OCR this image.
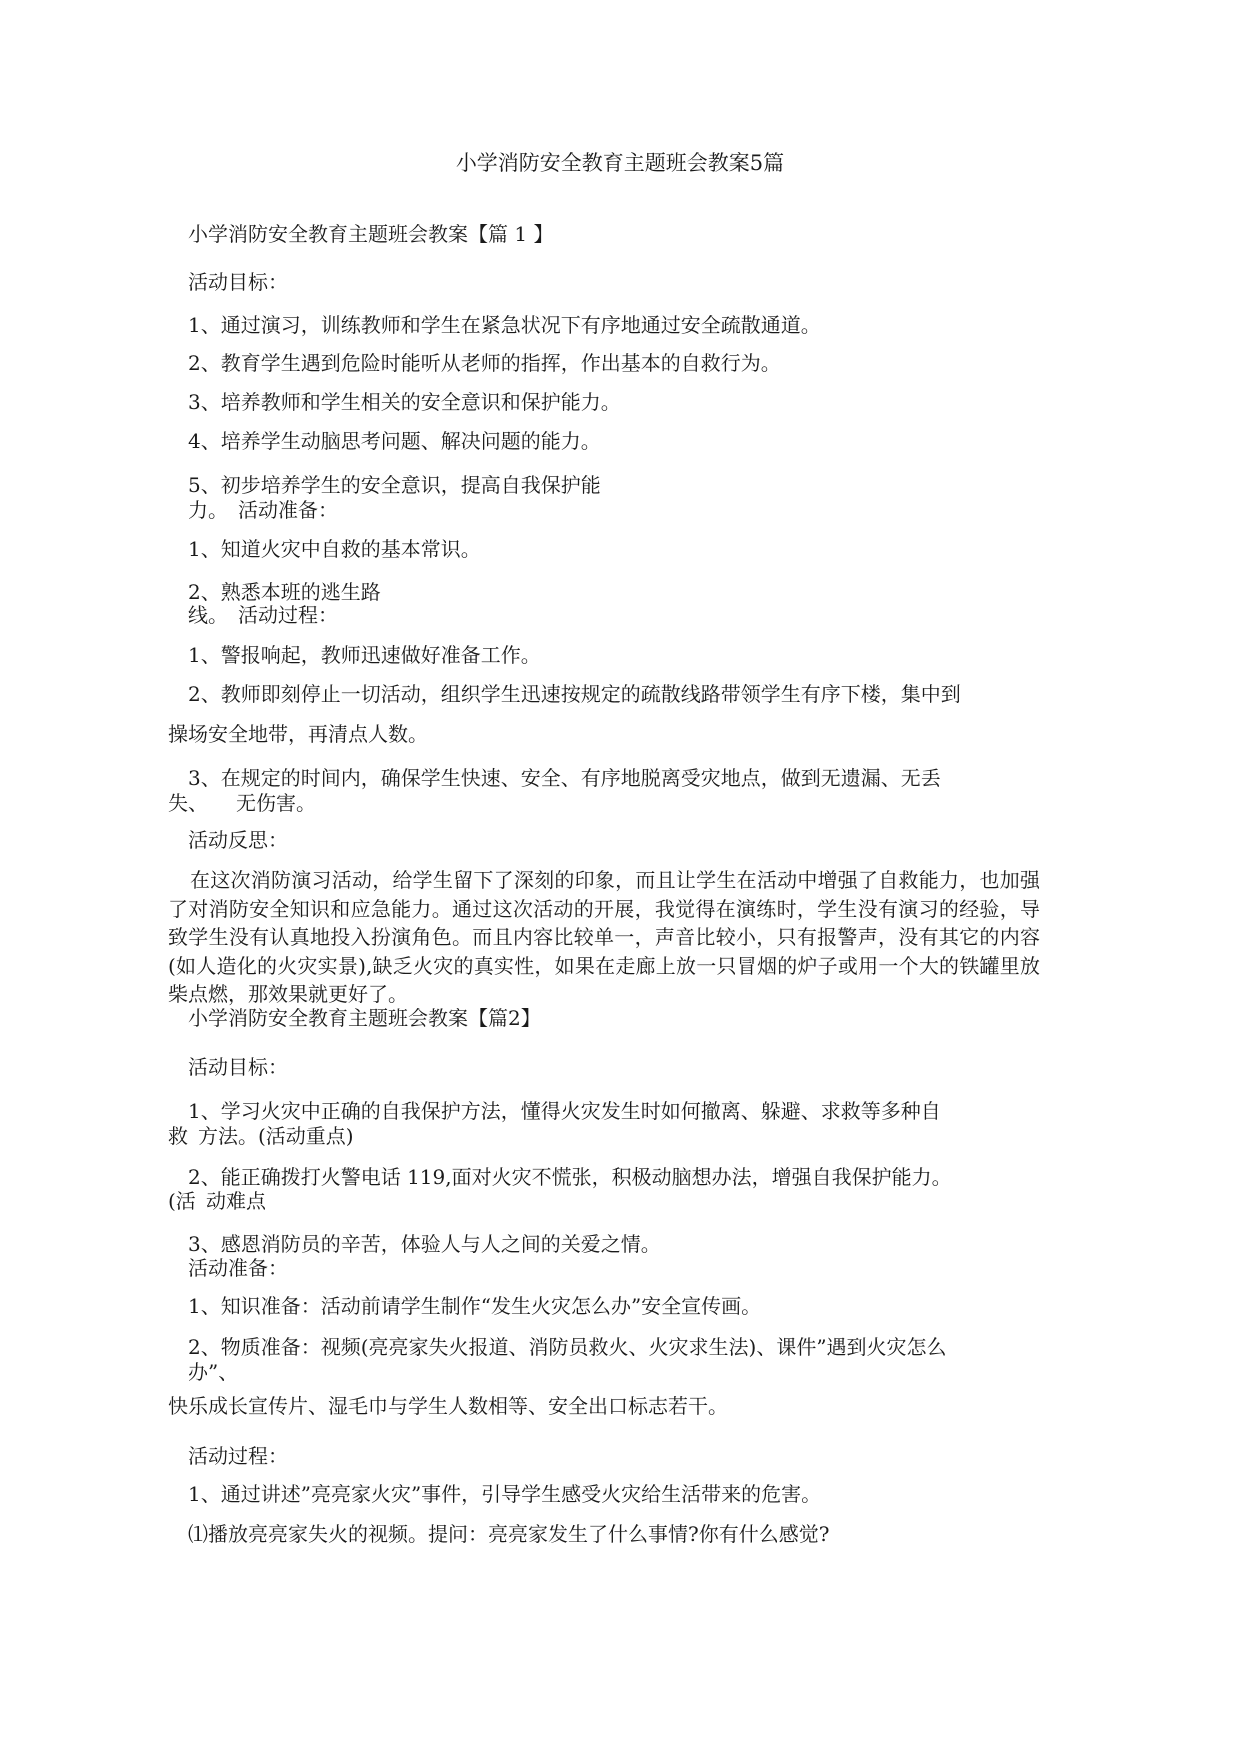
小学消防安全教育主题班会教案5篇
小学消防安全教育主题班会教案【篇 1 】
活动目标：
1、通过演习，训练教师和学生在紧急状况下有序地通过安全疏散通道。
2、教育学生遇到危险时能听从老师的指挥，作出基本的自救行为。
3、培养教师和学生相关的安全意识和保护能力。
4、培养学生动脑思考问题、解决问题的能力。
5、初步培养学生的安全意识，提高自我保护能
力。 活动准备：
1、知道火灾中自救的基本常识。
2、熟悉本班的逃生路
线。 活动过程：
1、警报响起，教师迅速做好准备工作。
2、教师即刻停止一切活动，组织学生迅速按规定的疏散线路带领学生有序下楼，集中到
操场安全地带，再清点人数。
3、在规定的时间内，确保学生快速、安全、有序地脱离受灾地点，做到无遗漏、无丢
失、 无伤害。
活动反思：
在这次消防演习活动，给学生留下了深刻的印象，而且让学生在活动中增强了自救能力，也加强了对消防安全知识和应急能力。通过这次活动的开展，我觉得在演练时，学生没有演习的经验，导致学生没有认真地投入扮演角色。而且内容比较单一，声音比较小，只有报警声，没有其它的内容(如人造化的火灾实景),缺乏火灾的真实性，如果在走廊上放一只冒烟的炉子或用一个大的铁罐里放柴点燃，那效果就更好了。
小学消防安全教育主题班会教案【篇2】
活动目标：
1、学习火灾中正确的自我保护方法，懂得火灾发生时如何撤离、躲避、求救等多种自
救 方法。(活动重点)
2、能正确拨打火警电话 119,面对火灾不慌张，积极动脑想办法，增强自我保护能力。
(活 动难点
3、感恩消防员的辛苦，体验人与人之间的关爱之情。
活动准备：
1、知识准备：活动前请学生制作“发生火灾怎么办”安全宣传画。
2、物质准备：视频(亮亮家失火报道、消防员救火、火灾求生法)、课件”遇到火灾怎么
办”、
快乐成长宣传片、湿毛巾与学生人数相等、安全出口标志若干。
活动过程：
1、通过讲述”亮亮家火灾”事件，引导学生感受火灾给生活带来的危害。
⑴播放亮亮家失火的视频。提问：亮亮家发生了什么事情?你有什么感觉?
